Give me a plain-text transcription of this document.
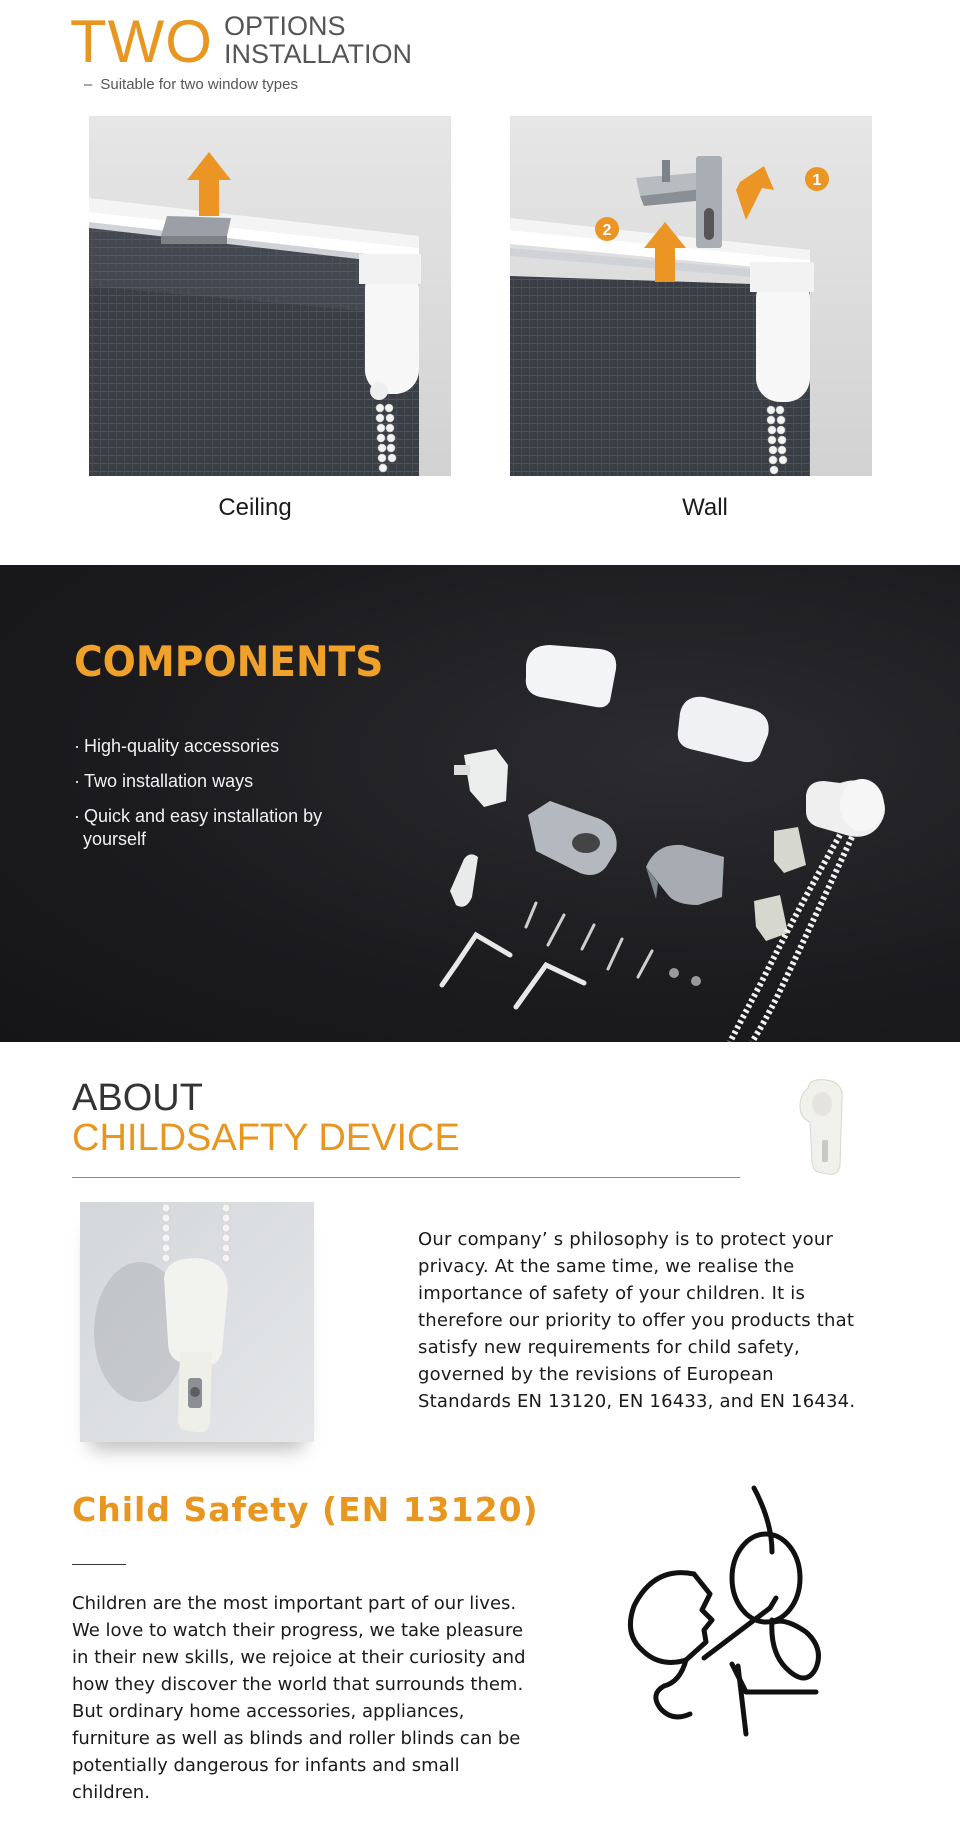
TWO OPTIONS
INSTALLATION
– Suitable for two window types
Ceiling
1
2
Wall
COMPONENTS
· High-quality accessories
· Two installation ways
· Quick and easy installation by yourself
ABOUT
CHILDSAFTY DEVICE

Our company’ s philosophy is to protect your privacy. At the same time, we realise the importance of safety of your children. It is therefore our priority to offer you products that satisfy new requirements for child safety, governed by the revisions of European Standards EN 13120, EN 16433, and EN 16434.

Child Safety (EN 13120)

Children are the most important part of our lives. We love to watch their progress, we take pleasure in their new skills, we rejoice at their curiosity and how they discover the world that surrounds them. But ordinary home accessories, appliances, furniture as well as blinds and roller blinds can be potentially dangerous for infants and small children.
